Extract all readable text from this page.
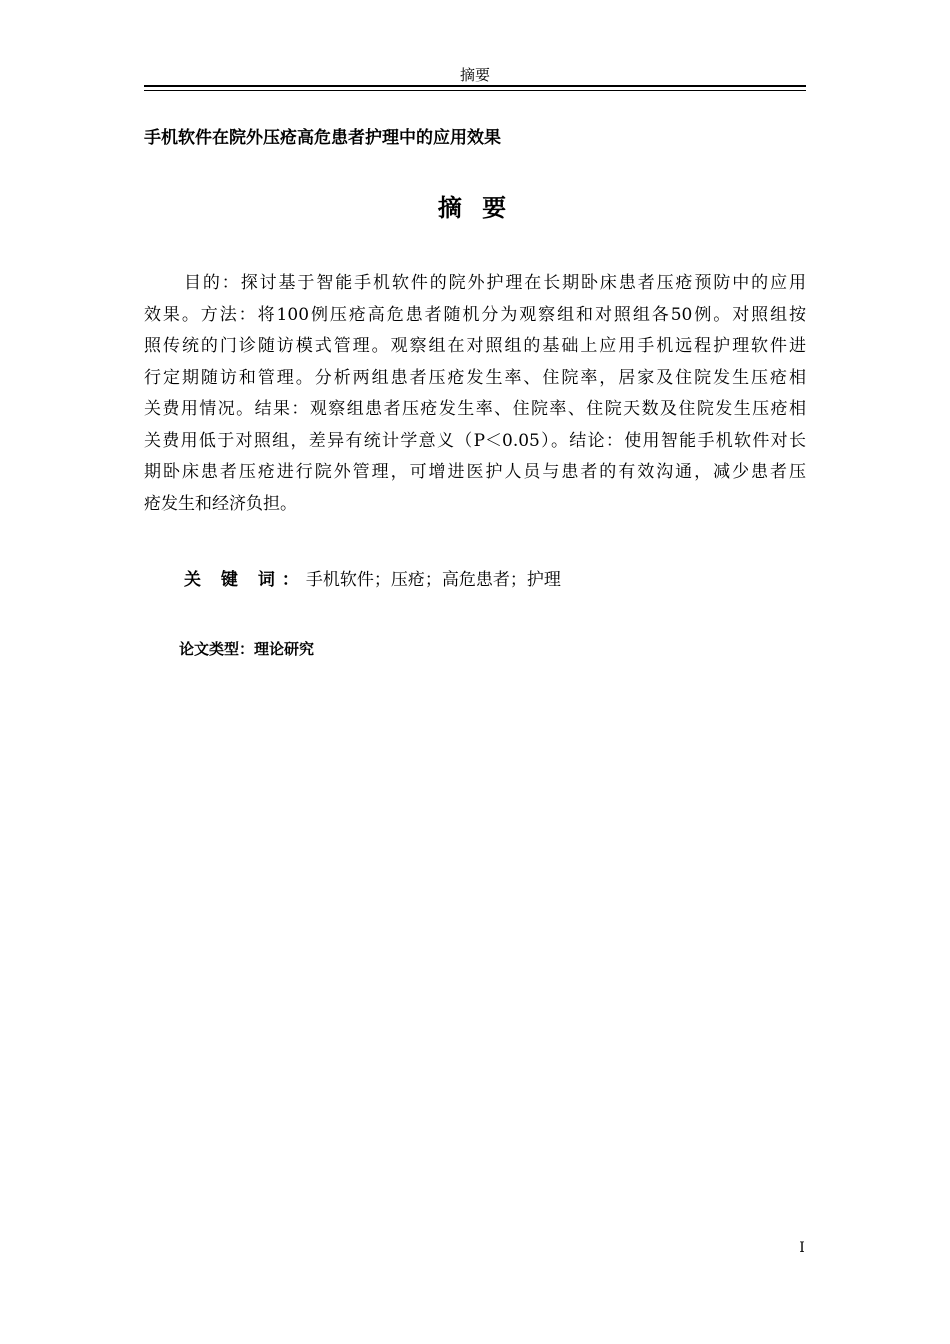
摘要
手机软件在院外压疮高危患者护理中的应用效果
摘 要
目的：探讨基于智能手机软件的院外护理在长期卧床患者压疮预防中的应用
效果。方法：将100例压疮高危患者随机分为观察组和对照组各50例。对照组按
照传统的门诊随访模式管理。观察组在对照组的基础上应用手机远程护理软件进
行定期随访和管理。分析两组患者压疮发生率、住院率，居家及住院发生压疮相
关费用情况。结果：观察组患者压疮发生率、住院率、住院天数及住院发生压疮相
关费用低于对照组，差异有统计学意义（P＜0.05）。结论：使用智能手机软件对长
期卧床患者压疮进行院外管理，可增进医护人员与患者的有效沟通，减少患者压
疮发生和经济负担。
关 键 词：手机软件；压疮；高危患者；护理
论文类型：理论研究
I
